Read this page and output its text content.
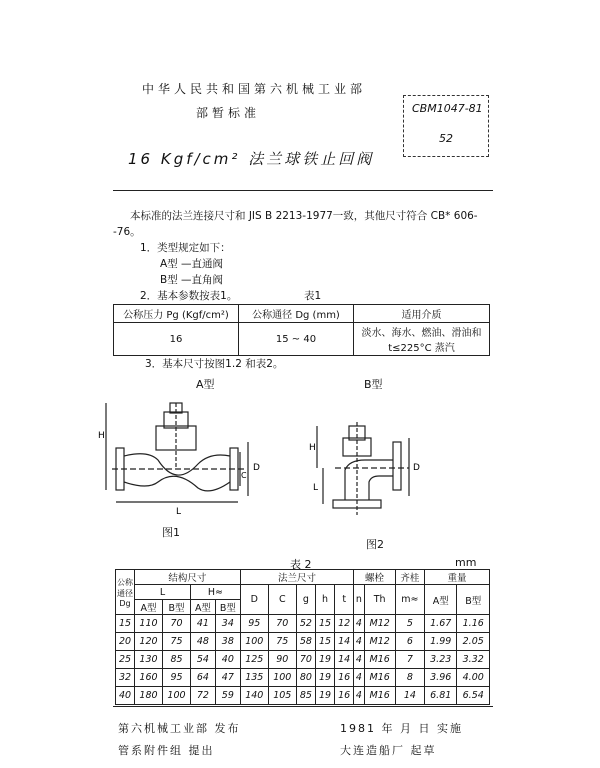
中华人民共和国第六机械工业部
部暂标准	CBM1047-81
52
16 Kgf/cm² 法兰球铁止回阀
本标准的法兰连接尺寸和 JIS B 2213-1977一致，其他尺寸符合 CB* 606-
-76。
1．类型规定如下：
A型 —直通阀
B型 —直角阀
2．基本参数按表1。	表1
公称压力 Pg (Kgf/cm²)	公称通径 Dg (mm)	适用介质
16	15 ~ 40	淡水、海水、燃油、滑油和 t≤225°C 蒸汽
3．基本尺寸按图1.2 和表2。
A型	B型
H
L
D
C
图1
H
L
D
图2
表 2	mm
公称通径 Dg	结构尺寸				法兰尺寸					螺栓		齐桂	重量	
	L		H≈		D	C	g	h	t	n	Th	m≈	A型	B型
	A型	B型	A型	B型										
15	110	70	41	34	95	70	52	15	12	4	M12	5	1.67	1.16
20	120	75	48	38	100	75	58	15	14	4	M12	6	1.99	2.05
25	130	85	54	40	125	90	70	19	14	4	M16	7	3.23	3.32
32	160	95	64	47	135	100	80	19	16	4	M16	8	3.96	4.00
40	180	100	72	59	140	105	85	19	16	4	M16	14	6.81	6.54
第六机械工业部 发布	1981 年 月 日 实施
管系附件组 提出	大连造船厂 起草
